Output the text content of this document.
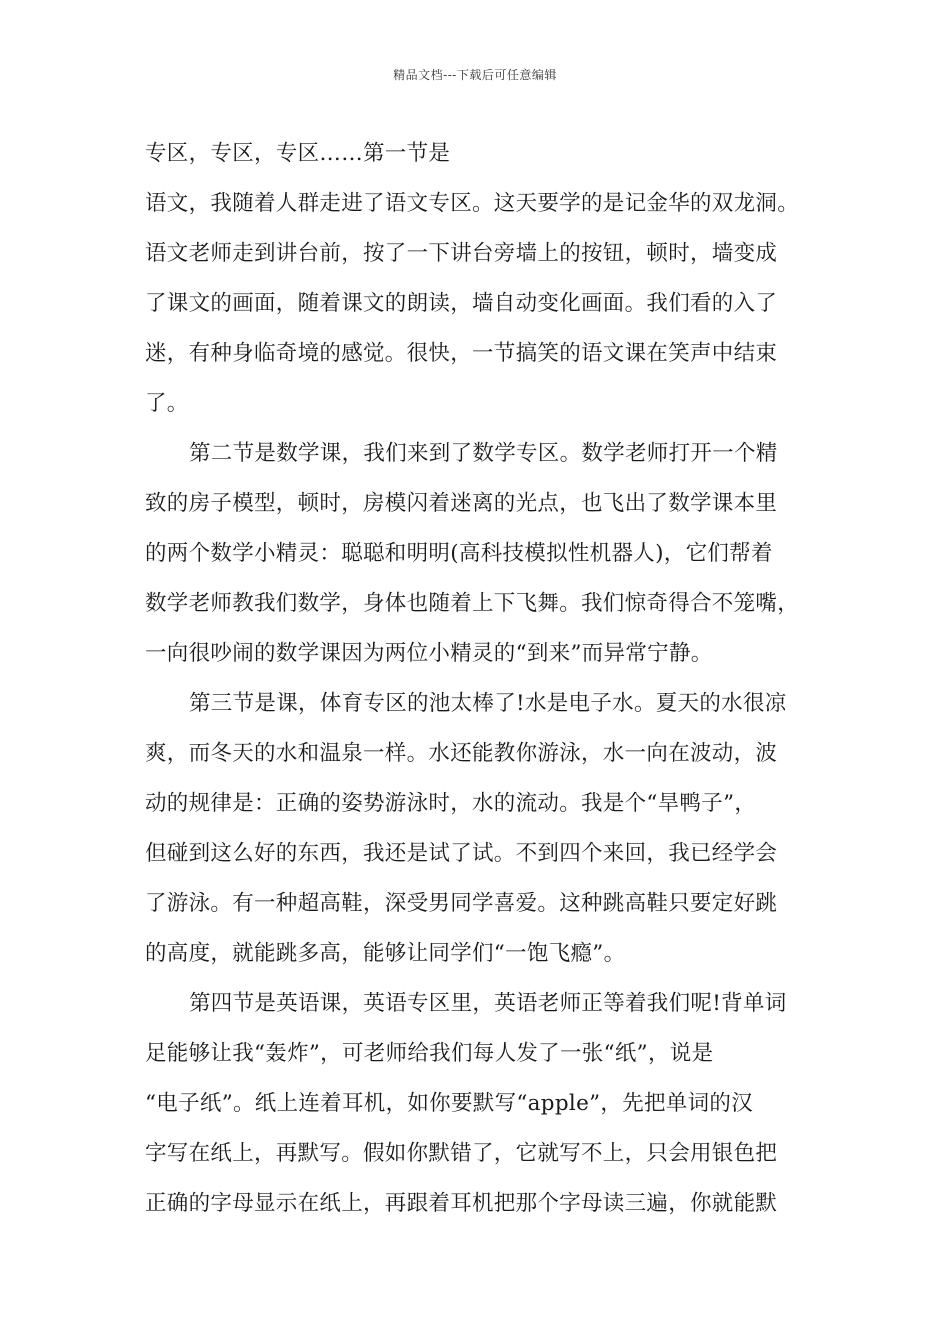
精品文档---下载后可任意编辑
专区，专区，专区……第一节是
语文，我随着人群走进了语文专区。这天要学的是记金华的双龙洞。
语文老师走到讲台前，按了一下讲台旁墙上的按钮，顿时，墙变成
了课文的画面，随着课文的朗读，墙自动变化画面。我们看的入了
迷，有种身临奇境的感觉。很快，一节搞笑的语文课在笑声中结束
了。
第二节是数学课，我们来到了数学专区。数学老师打开一个精
致的房子模型，顿时，房模闪着迷离的光点，也飞出了数学课本里
的两个数学小精灵：聪聪和明明(高科技模拟性机器人)，它们帮着
数学老师教我们数学，身体也随着上下飞舞。我们惊奇得合不笼嘴，
一向很吵闹的数学课因为两位小精灵的“到来”而异常宁静。
第三节是课，体育专区的池太棒了!水是电子水。夏天的水很凉
爽，而冬天的水和温泉一样。水还能教你游泳，水一向在波动，波
动的规律是：正确的姿势游泳时，水的流动。我是个“旱鸭子”，
但碰到这么好的东西，我还是试了试。不到四个来回，我已经学会
了游泳。有一种超高鞋，深受男同学喜爱。这种跳高鞋只要定好跳
的高度，就能跳多高，能够让同学们“一饱飞瘾”。
第四节是英语课，英语专区里，英语老师正等着我们呢!背单词
足能够让我“轰炸”，可老师给我们每人发了一张“纸”，说是
“电子纸”。纸上连着耳机，如你要默写“apple”，先把单词的汉
字写在纸上，再默写。假如你默错了，它就写不上，只会用银色把
正确的字母显示在纸上，再跟着耳机把那个字母读三遍，你就能默
